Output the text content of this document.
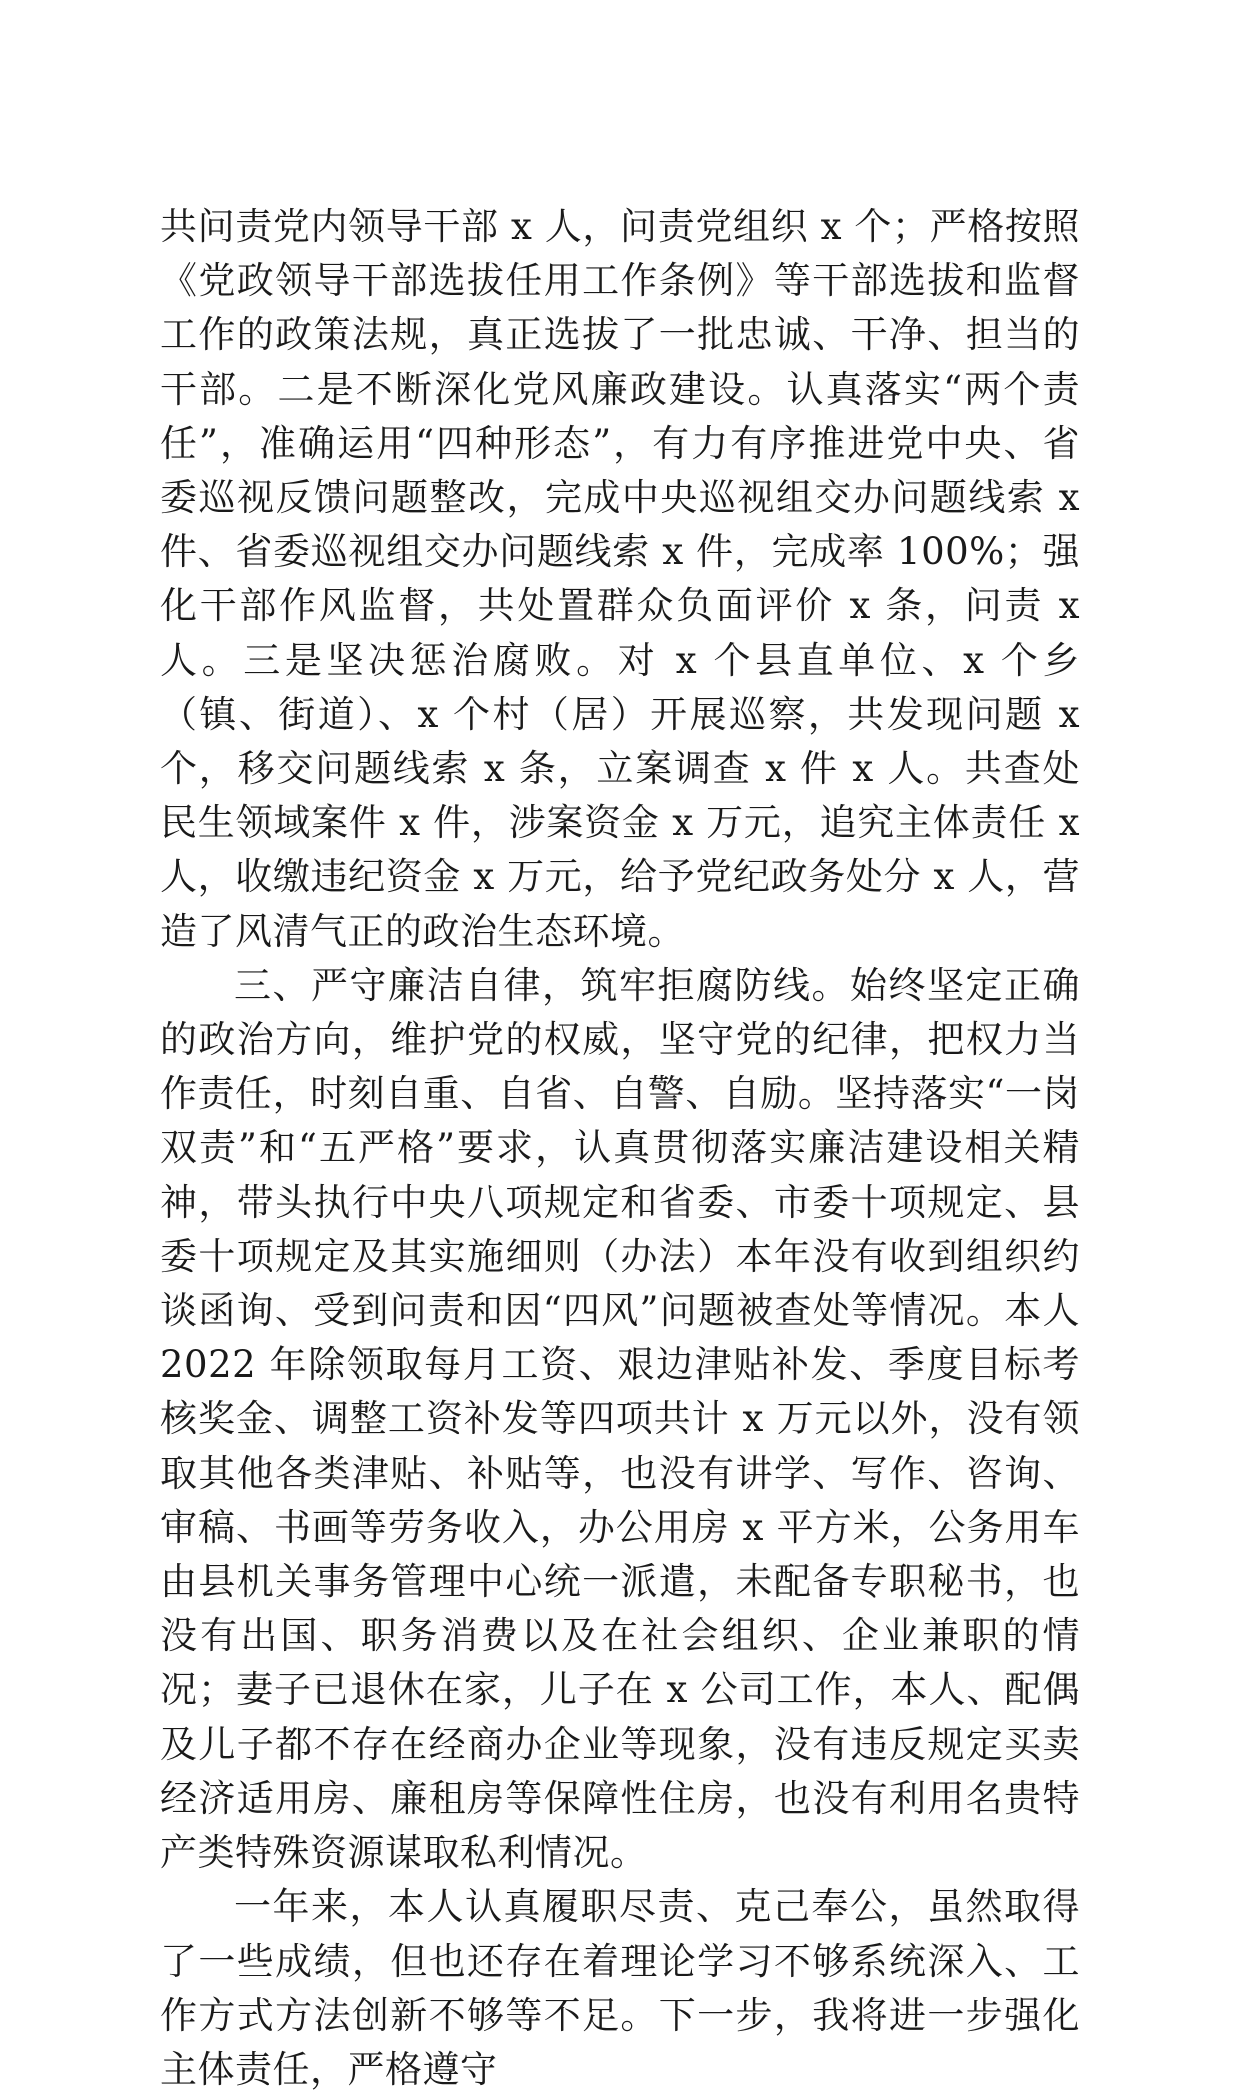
共问责党内领导干部 x 人，问责党组织 x 个；严格按照《党政领导干部选拔任用工作条例》等干部选拔和监督工作的政策法规，真正选拔了一批忠诚、干净、担当的干部。二是不断深化党风廉政建设。认真落实“两个责任”，准确运用“四种形态”，有力有序推进党中央、省委巡视反馈问题整改，完成中央巡视组交办问题线索 x 件、省委巡视组交办问题线索 x 件，完成率 100%；强化干部作风监督，共处置群众负面评价 x 条，问责 x 人。三是坚决惩治腐败。对 x 个县直单位、x 个乡（镇、街道）、x 个村（居）开展巡察，共发现问题 x 个，移交问题线索 x 条，立案调查 x 件 x 人。共查处民生领域案件 x 件，涉案资金 x 万元，追究主体责任 x 人，收缴违纪资金 x 万元，给予党纪政务处分 x 人，营造了风清气正的政治生态环境。

三、严守廉洁自律，筑牢拒腐防线。始终坚定正确的政治方向，维护党的权威，坚守党的纪律，把权力当作责任，时刻自重、自省、自警、自励。坚持落实“一岗双责”和“五严格”要求，认真贯彻落实廉洁建设相关精神，带头执行中央八项规定和省委、市委十项规定、县委十项规定及其实施细则（办法）本年没有收到组织约谈函询、受到问责和因“四风”问题被查处等情况。本人 2022 年除领取每月工资、艰边津贴补发、季度目标考核奖金、调整工资补发等四项共计 x 万元以外，没有领取其他各类津贴、补贴等，也没有讲学、写作、咨询、审稿、书画等劳务收入，办公用房 x 平方米，公务用车由县机关事务管理中心统一派遣，未配备专职秘书，也没有出国、职务消费以及在社会组织、企业兼职的情况；妻子已退休在家，儿子在 x 公司工作，本人、配偶及儿子都不存在经商办企业等现象，没有违反规定买卖经济适用房、廉租房等保障性住房，也没有利用名贵特产类特殊资源谋取私利情况。

一年来，本人认真履职尽责、克己奉公，虽然取得了一些成绩，但也还存在着理论学习不够系统深入、工作方式方法创新不够等不足。下一步，我将进一步强化主体责任，严格遵守
